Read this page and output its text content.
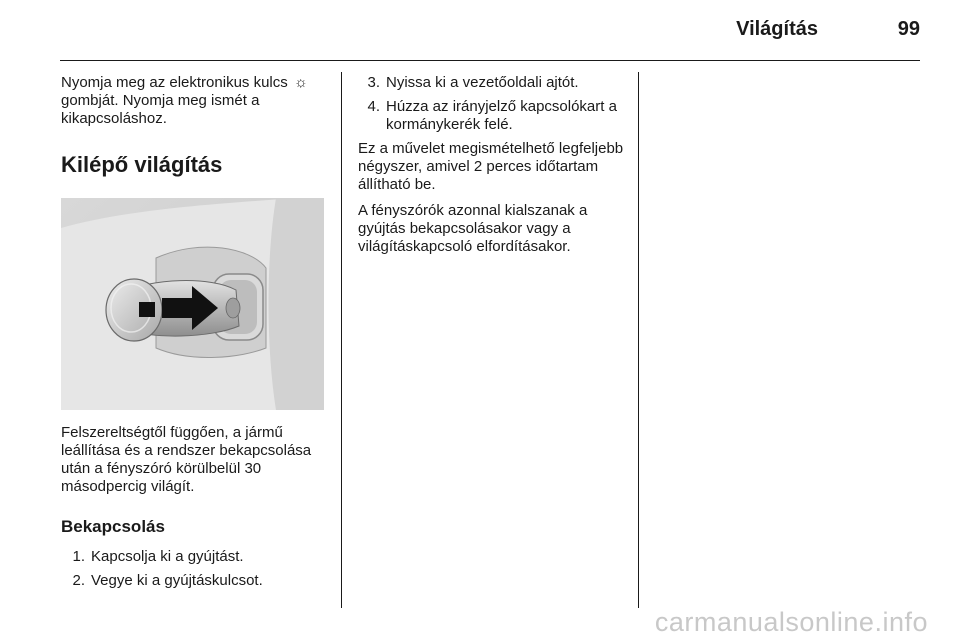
Világítás	99

Nyomja meg az elektronikus kulcs ☼ gombját. Nyomja meg ismét a kikapcsoláshoz.

Kilépő világítás

Felszereltségtől függően, a jármű leállítása és a rendszer bekapcsolása után a fényszóró körülbelül 30 másodpercig világít.

Bekapcsolás
1. Kapcsolja ki a gyújtást.
2. Vegye ki a gyújtáskulcsot.
3. Nyissa ki a vezetőoldali ajtót.
4. Húzza az irányjelző kapcsolókart a kormánykerék felé.

Ez a művelet megismételhető legfeljebb négyszer, amivel 2 perces időtartam állítható be.

A fényszórók azonnal kialszanak a gyújtás bekapcsolásakor vagy a világításkapcsoló elfordításakor.

carmanualsonline.info
